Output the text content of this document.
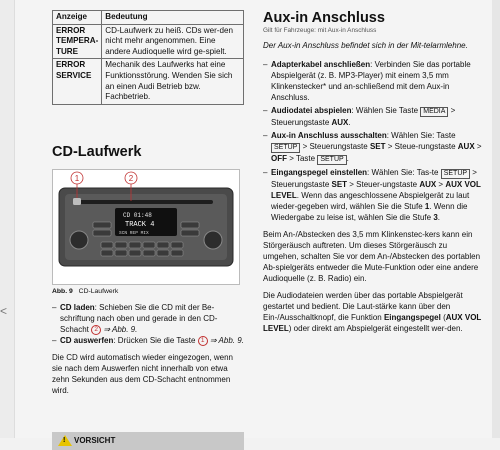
<
Anzeige	Bedeutung
ERROR TEMPERA-TURE	CD-Laufwerk zu heiß. CDs wer-den nicht mehr angenommen. Eine andere Audioquelle wird ge-spielt.
ERROR SERVICE	Mechanik des Laufwerks hat eine Funktionsstörung. Wenden Sie sich an einen Audi Betrieb bzw. Fachbetrieb.
CD-Laufwerk
CD 01:48
TRACK 4
SCN REP MIX
1	2
Abb. 9 CD-Laufwerk
– CD laden: Schieben Sie die CD mit der Be-schriftung nach oben und gerade in den CD-Schacht 2 ⇒ Abb. 9.
– CD auswerfen: Drücken Sie die Taste 1 ⇒ Abb. 9.

Die CD wird automatisch wieder eingezogen, wenn sie nach dem Auswerfen nicht innerhalb von etwa zehn Sekunden aus dem CD-Schacht entnommen wird.

! VORSICHT
Aux-in Anschluss
Gilt für Fahrzeuge: mit Aux-in Anschluss
Der Aux-in Anschluss befindet sich in der Mit-telarmlehne.
– Adapterkabel anschließen: Verbinden Sie das portable Abspielgerät (z. B. MP3-Player) mit einem 3,5 mm Klinkenstecker* und an-schließend mit dem Aux-in Anschluss.
– Audiodatei abspielen: Wählen Sie Taste MEDIA > Steuerungstaste AUX.
– Aux-in Anschluss ausschalten: Wählen Sie: Taste SETUP > Steuerungstaste SET > Steue-rungstaste AUX > OFF > Taste SETUP .
– Eingangspegel einstellen: Wählen Sie: Tas-te SETUP > Steuerungstaste SET > Steuer-ungstaste AUX > AUX VOL LEVEL. Wenn das angeschlossene Abspielgerät zu laut wieder-gegeben wird, wählen Sie die Stufe 1. Wenn die Wiedergabe zu leise ist, wählen Sie die Stufe 3.

Beim An-/Abstecken des 3,5 mm Klinkenstec-kers kann ein Störgeräusch auftreten. Um dieses Störgeräusch zu umgehen, schalten Sie vor dem An-/Abstecken des portablen Ab-spielgeräts entweder die Mute-Funktion oder eine andere Audioquelle (z. B. Radio) ein.

Die Audiodateien werden über das portable Abspielgerät gestartet und bedient. Die Laut-stärke kann über den Ein-/Ausschaltknopf, die Funktion Eingangspegel (AUX VOL LEVEL) oder direkt am Abspielgerät eingestellt wer-den.
